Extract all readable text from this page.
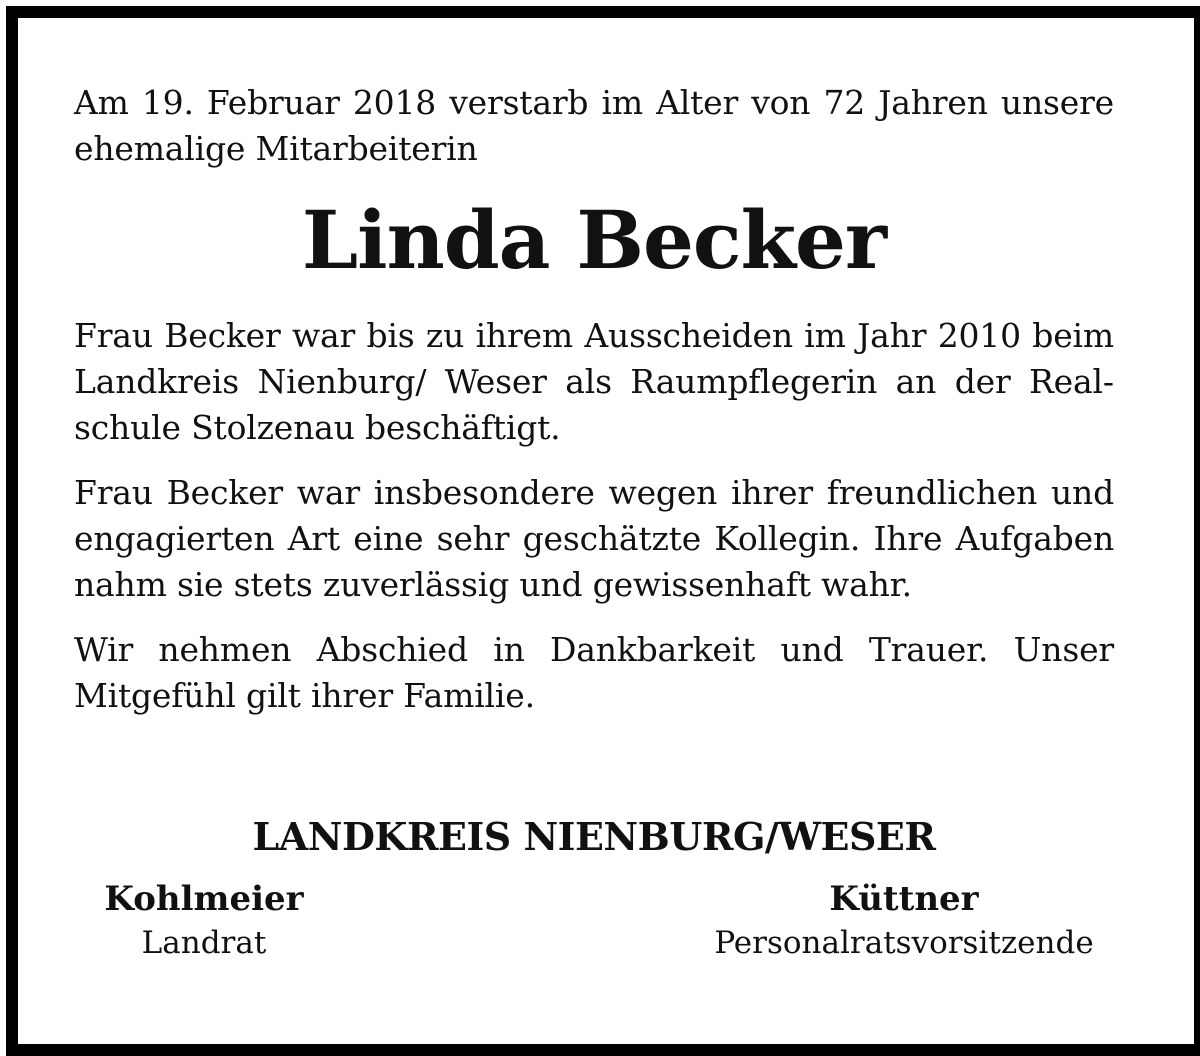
Am 19. Februar 2018 verstarb im Alter von 72 Jahren unsere ehemalige Mitarbeiterin

Linda Becker

Frau Becker war bis zu ihrem Ausscheiden im Jahr 2010 beim Landkreis Nienburg/ Weser als Raumpflegerin an der Realschule Stolzenau beschäftigt.

Frau Becker war insbesondere wegen ihrer freundlichen und engagierten Art eine sehr geschätzte Kollegin. Ihre Aufgaben nahm sie stets zuverlässig und gewissenhaft wahr.

Wir nehmen Abschied in Dankbarkeit und Trauer. Unser Mitgefühl gilt ihrer Familie.

LANDKREIS NIENBURG/WESER

Kohlmeier
Landrat
Küttner
Personalratsvorsitzende
